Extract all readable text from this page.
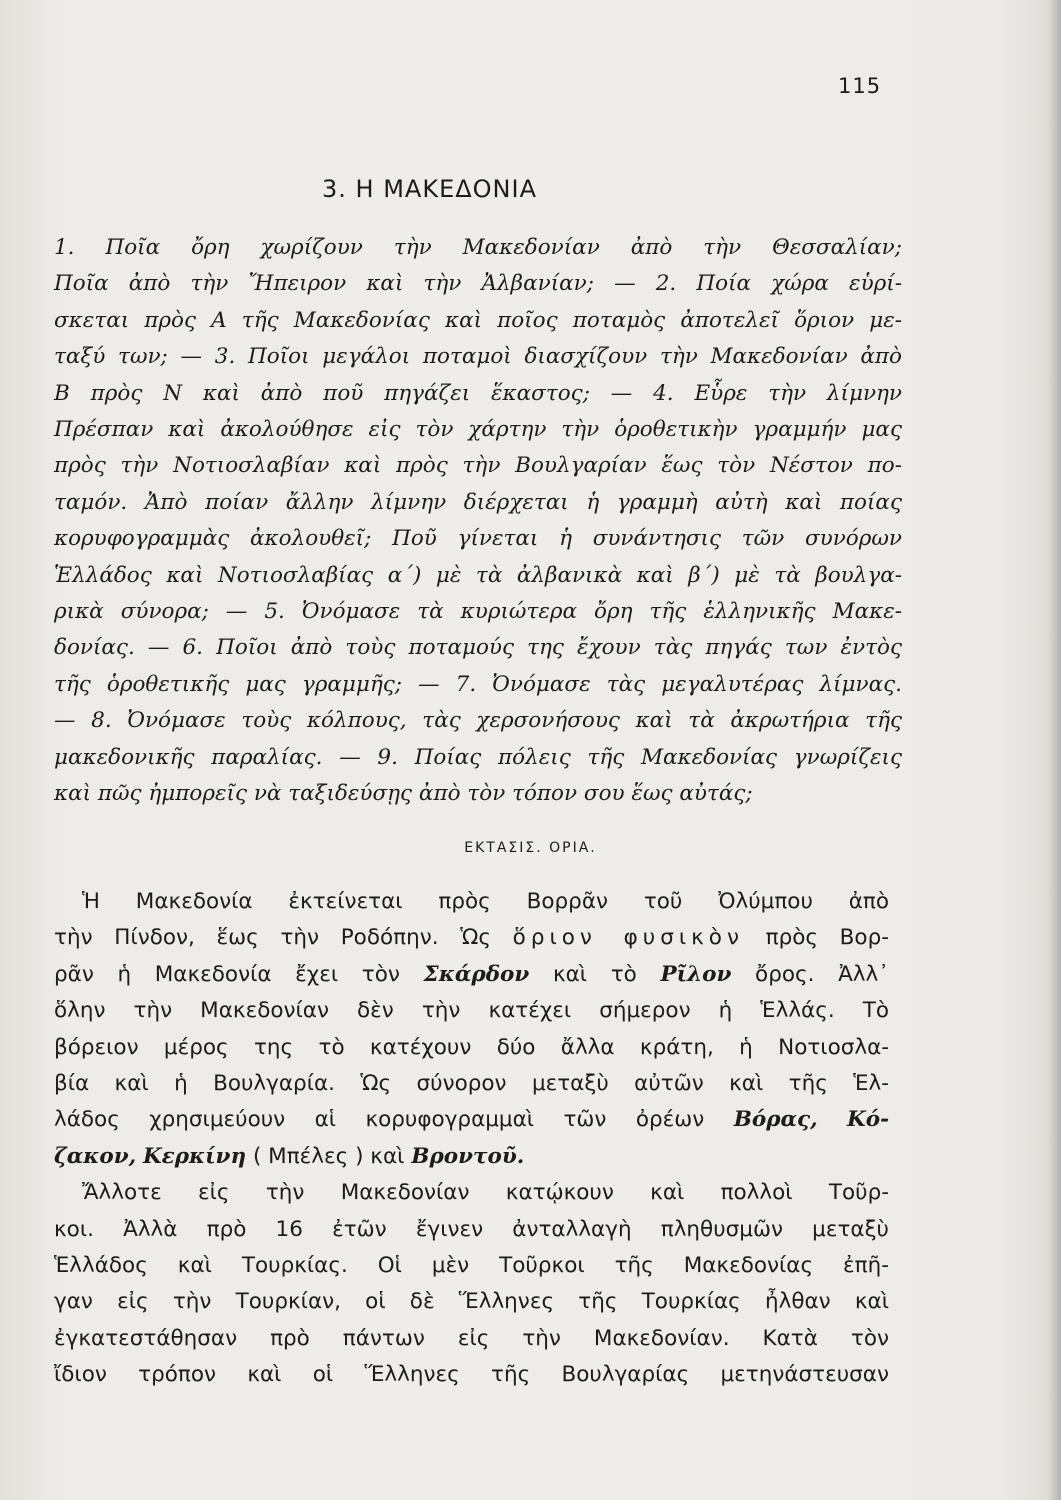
115
3. Η ΜΑΚΕΔΟΝΙΑ
1. Ποῖα ὄρη χωρίζουν τὴν Μακεδονίαν ἀπὸ τὴν Θεσσαλίαν;
Ποῖα ἀπὸ τὴν Ἤπειρον καὶ τὴν Ἀλβανίαν; — 2. Ποία χώρα εὑρί-
σκεται πρὸς Α τῆς Μακεδονίας καὶ ποῖος ποταμὸς ἀποτελεῖ ὅριον με-
ταξύ των; — 3. Ποῖοι μεγάλοι ποταμοὶ διασχίζουν τὴν Μακεδονίαν ἀπὸ
Β πρὸς Ν καὶ ἀπὸ ποῦ πηγάζει ἕκαστος; — 4. Εὗρε τὴν λίμνην
Πρέσπαν καὶ ἀκολούθησε εἰς τὸν χάρτην τὴν ὁροθετικὴν γραμμήν μας
πρὸς τὴν Νοτιοσλαβίαν καὶ πρὸς τὴν Βουλγαρίαν ἕως τὸν Νέστον πο-
ταμόν. Ἀπὸ ποίαν ἄλλην λίμνην διέρχεται ἡ γραμμὴ αὐτὴ καὶ ποίας
κορυφογραμμὰς ἀκολουθεῖ; Ποῦ γίνεται ἡ συνάντησις τῶν συνόρων
Ἑλλάδος καὶ Νοτιοσλαβίας α΄) μὲ τὰ ἀλβανικὰ καὶ β΄) μὲ τὰ βουλγα-
ρικὰ σύνορα; — 5. Ὀνόμασε τὰ κυριώτερα ὄρη τῆς ἑλληνικῆς Μακε-
δονίας. — 6. Ποῖοι ἀπὸ τοὺς ποταμούς της ἔχουν τὰς πηγάς των ἐντὸς
τῆς ὁροθετικῆς μας γραμμῆς; — 7. Ὀνόμασε τὰς μεγαλυτέρας λίμνας.
— 8. Ὀνόμασε τοὺς κόλπους, τὰς χερσονήσους καὶ τὰ ἀκρωτήρια τῆς
μακεδονικῆς παραλίας. — 9. Ποίας πόλεις τῆς Μακεδονίας γνωρίζεις
καὶ πῶς ἠμπορεῖς νὰ ταξιδεύσῃς ἀπὸ τὸν τόπον σου ἕως αὐτάς;
ΕΚΤΑΣΙΣ. ΟΡΙΑ.
Ἡ Μακεδονία ἐκτείνεται πρὸς Βορρᾶν τοῦ Ὀλύμπου ἀπὸ
τὴν Πίνδον, ἕως τὴν Ροδόπην. Ὡς ὅριον φυσικὸν πρὸς Βορ-
ρᾶν ἡ Μακεδονία ἔχει τὸν Σκάρδον καὶ τὸ Ρῖλον ὄρος. Ἀλλ᾽
ὅλην τὴν Μακεδονίαν δὲν τὴν κατέχει σήμερον ἡ Ἑλλάς. Τὸ
βόρειον μέρος της τὸ κατέχουν δύο ἄλλα κράτη, ἡ Νοτιοσλα-
βία καὶ ἡ Βουλγαρία. Ὡς σύνορον μεταξὺ αὐτῶν καὶ τῆς Ἑλ-
λάδος χρησιμεύουν αἱ κορυφογραμμαὶ τῶν ὀρέων Βόρας, Κό-
ζακον, Κερκίνη ( Μπέλες ) καὶ Βροντοῦ.
Ἄλλοτε εἰς τὴν Μακεδονίαν κατῴκουν καὶ πολλοὶ Τοῦρ-
κοι. Ἀλλὰ πρὸ 16 ἐτῶν ἔγινεν ἀνταλλαγὴ πληθυσμῶν μεταξὺ
Ἑλλάδος καὶ Τουρκίας. Οἱ μὲν Τοῦρκοι τῆς Μακεδονίας ἐπῆ-
γαν εἰς τὴν Τουρκίαν, οἱ δὲ Ἕλληνες τῆς Τουρκίας ἦλθαν καὶ
ἐγκατεστάθησαν πρὸ πάντων εἰς τὴν Μακεδονίαν. Κατὰ τὸν
ἴδιον τρόπον καὶ οἱ Ἕλληνες τῆς Βουλγαρίας μετηνάστευσαν
